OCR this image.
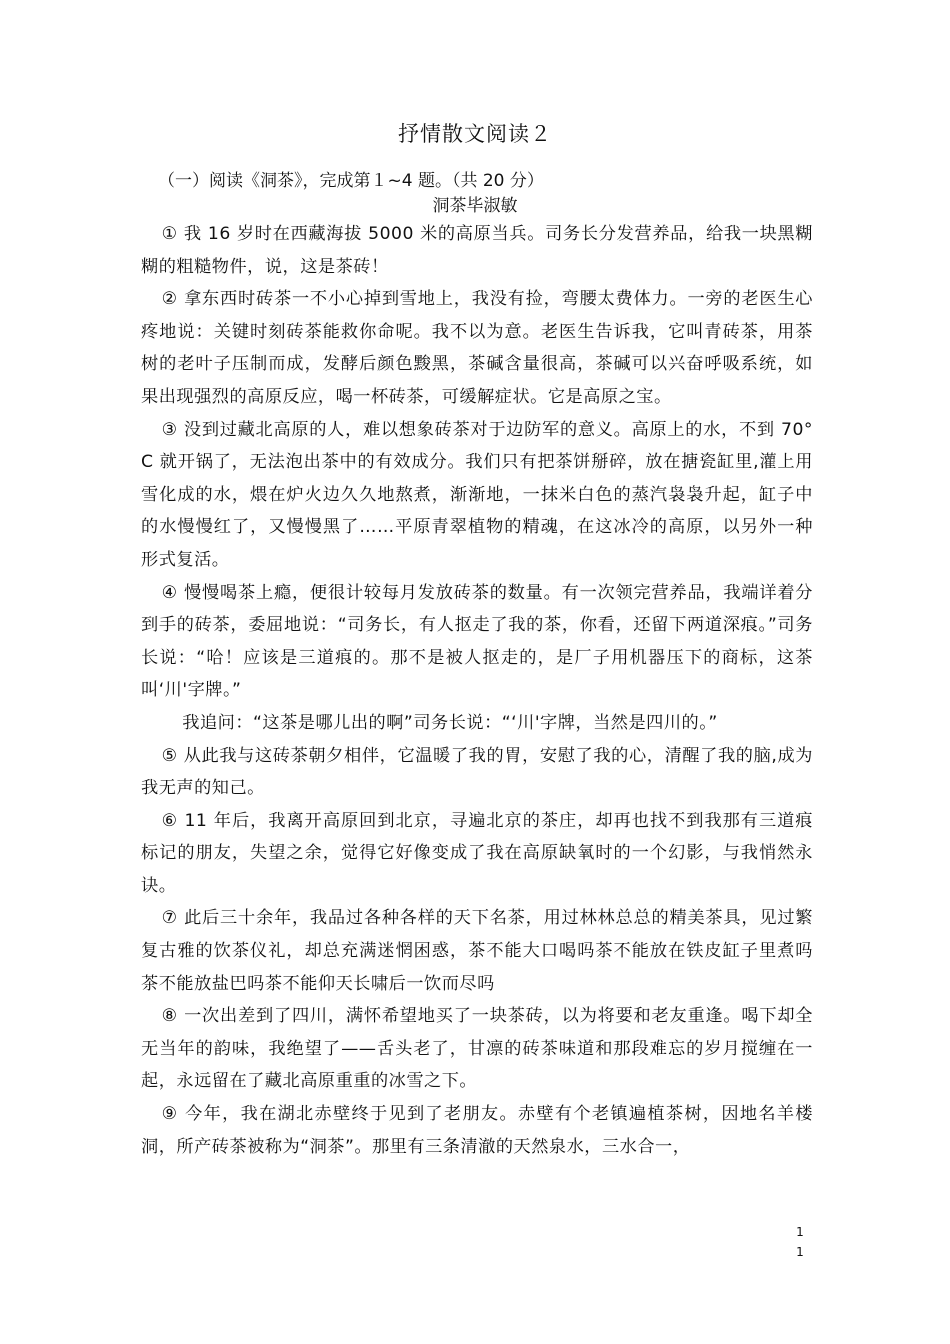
抒情散文阅读２
（一）阅读《洞茶》，完成第１~4 题。（共 20 分）
洞茶毕淑敏

① 我 16 岁时在西藏海拔 5000 米的高原当兵。司务长分发营养品，给我一块黑糊糊的粗糙物件，说，这是茶砖！

② 拿东西时砖茶一不小心掉到雪地上，我没有捡，弯腰太费体力。一旁的老医生心疼地说：关键时刻砖茶能救你命呢。我不以为意。老医生告诉我，它叫青砖茶，用茶树的老叶子压制而成，发酵后颜色黢黑，茶碱含量很高，茶碱可以兴奋呼吸系统，如果出现强烈的高原反应，喝一杯砖茶，可缓解症状。它是高原之宝。

③ 没到过藏北高原的人，难以想象砖茶对于边防军的意义。高原上的水，不到 70° C 就开锅了，无法泡出茶中的有效成分。我们只有把茶饼掰碎，放在搪瓷缸里,灌上用雪化成的水，煨在炉火边久久地熬煮，渐渐地，一抹米白色的蒸汽袅袅升起，缸子中的水慢慢红了，又慢慢黑了……平原青翠植物的精魂，在这冰冷的高原，以另外一种形式复活。

④ 慢慢喝茶上瘾，便很计较每月发放砖茶的数量。有一次领完营养品，我端详着分到手的砖茶，委屈地说：“司务长，有人抠走了我的茶，你看，还留下两道深痕。”司务长说：“哈！应该是三道痕的。那不是被人抠走的，是厂子用机器压下的商标，这茶叫‘川'字牌。”

我追问：“这茶是哪儿出的啊”司务长说：“‘川'字牌，当然是四川的。”

⑤ 从此我与这砖茶朝夕相伴，它温暖了我的胃，安慰了我的心，清醒了我的脑,成为我无声的知己。

⑥ 11 年后，我离开高原回到北京，寻遍北京的茶庄，却再也找不到我那有三道痕标记的朋友，失望之余，觉得它好像变成了我在高原缺氧时的一个幻影，与我悄然永诀。

⑦ 此后三十余年，我品过各种各样的天下名茶，用过林林总总的精美茶具，见过繁复古雅的饮茶仪礼，却总充满迷惘困惑，茶不能大口喝吗茶不能放在铁皮缸子里煮吗茶不能放盐巴吗茶不能仰天长啸后一饮而尽吗

⑧ 一次出差到了四川，满怀希望地买了一块茶砖，以为将要和老友重逢。喝下却全无当年的韵味，我绝望了——舌头老了，甘凛的砖茶味道和那段难忘的岁月搅缠在一起，永远留在了藏北高原重重的冰雪之下。

⑨ 今年，我在湖北赤壁终于见到了老朋友。赤壁有个老镇遍植茶树，因地名羊楼洞，所产砖茶被称为“洞茶”。那里有三条清澈的天然泉水，三水合一，

1
1
